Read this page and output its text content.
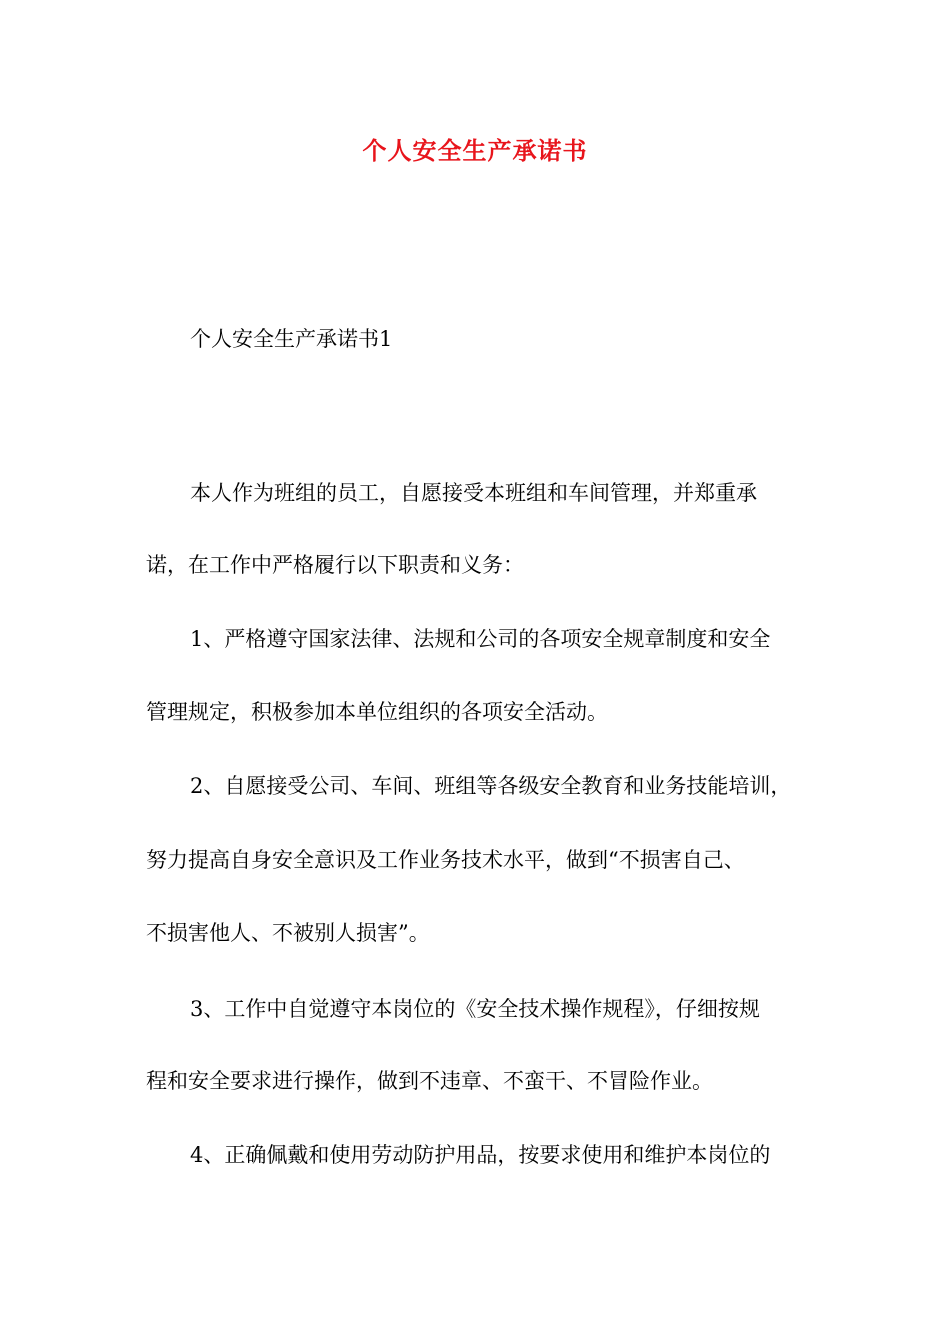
个人安全生产承诺书
个人安全生产承诺书1
本人作为班组的员工，自愿接受本班组和车间管理，并郑重承
诺，在工作中严格履行以下职责和义务：
1、严格遵守国家法律、法规和公司的各项安全规章制度和安全
管理规定，积极参加本单位组织的各项安全活动。
2、自愿接受公司、车间、班组等各级安全教育和业务技能培训，
努力提高自身安全意识及工作业务技术水平，做到“不损害自己、
不损害他人、不被别人损害”。
3、工作中自觉遵守本岗位的《安全技术操作规程》，仔细按规
程和安全要求进行操作，做到不违章、不蛮干、不冒险作业。
4、正确佩戴和使用劳动防护用品，按要求使用和维护本岗位的
